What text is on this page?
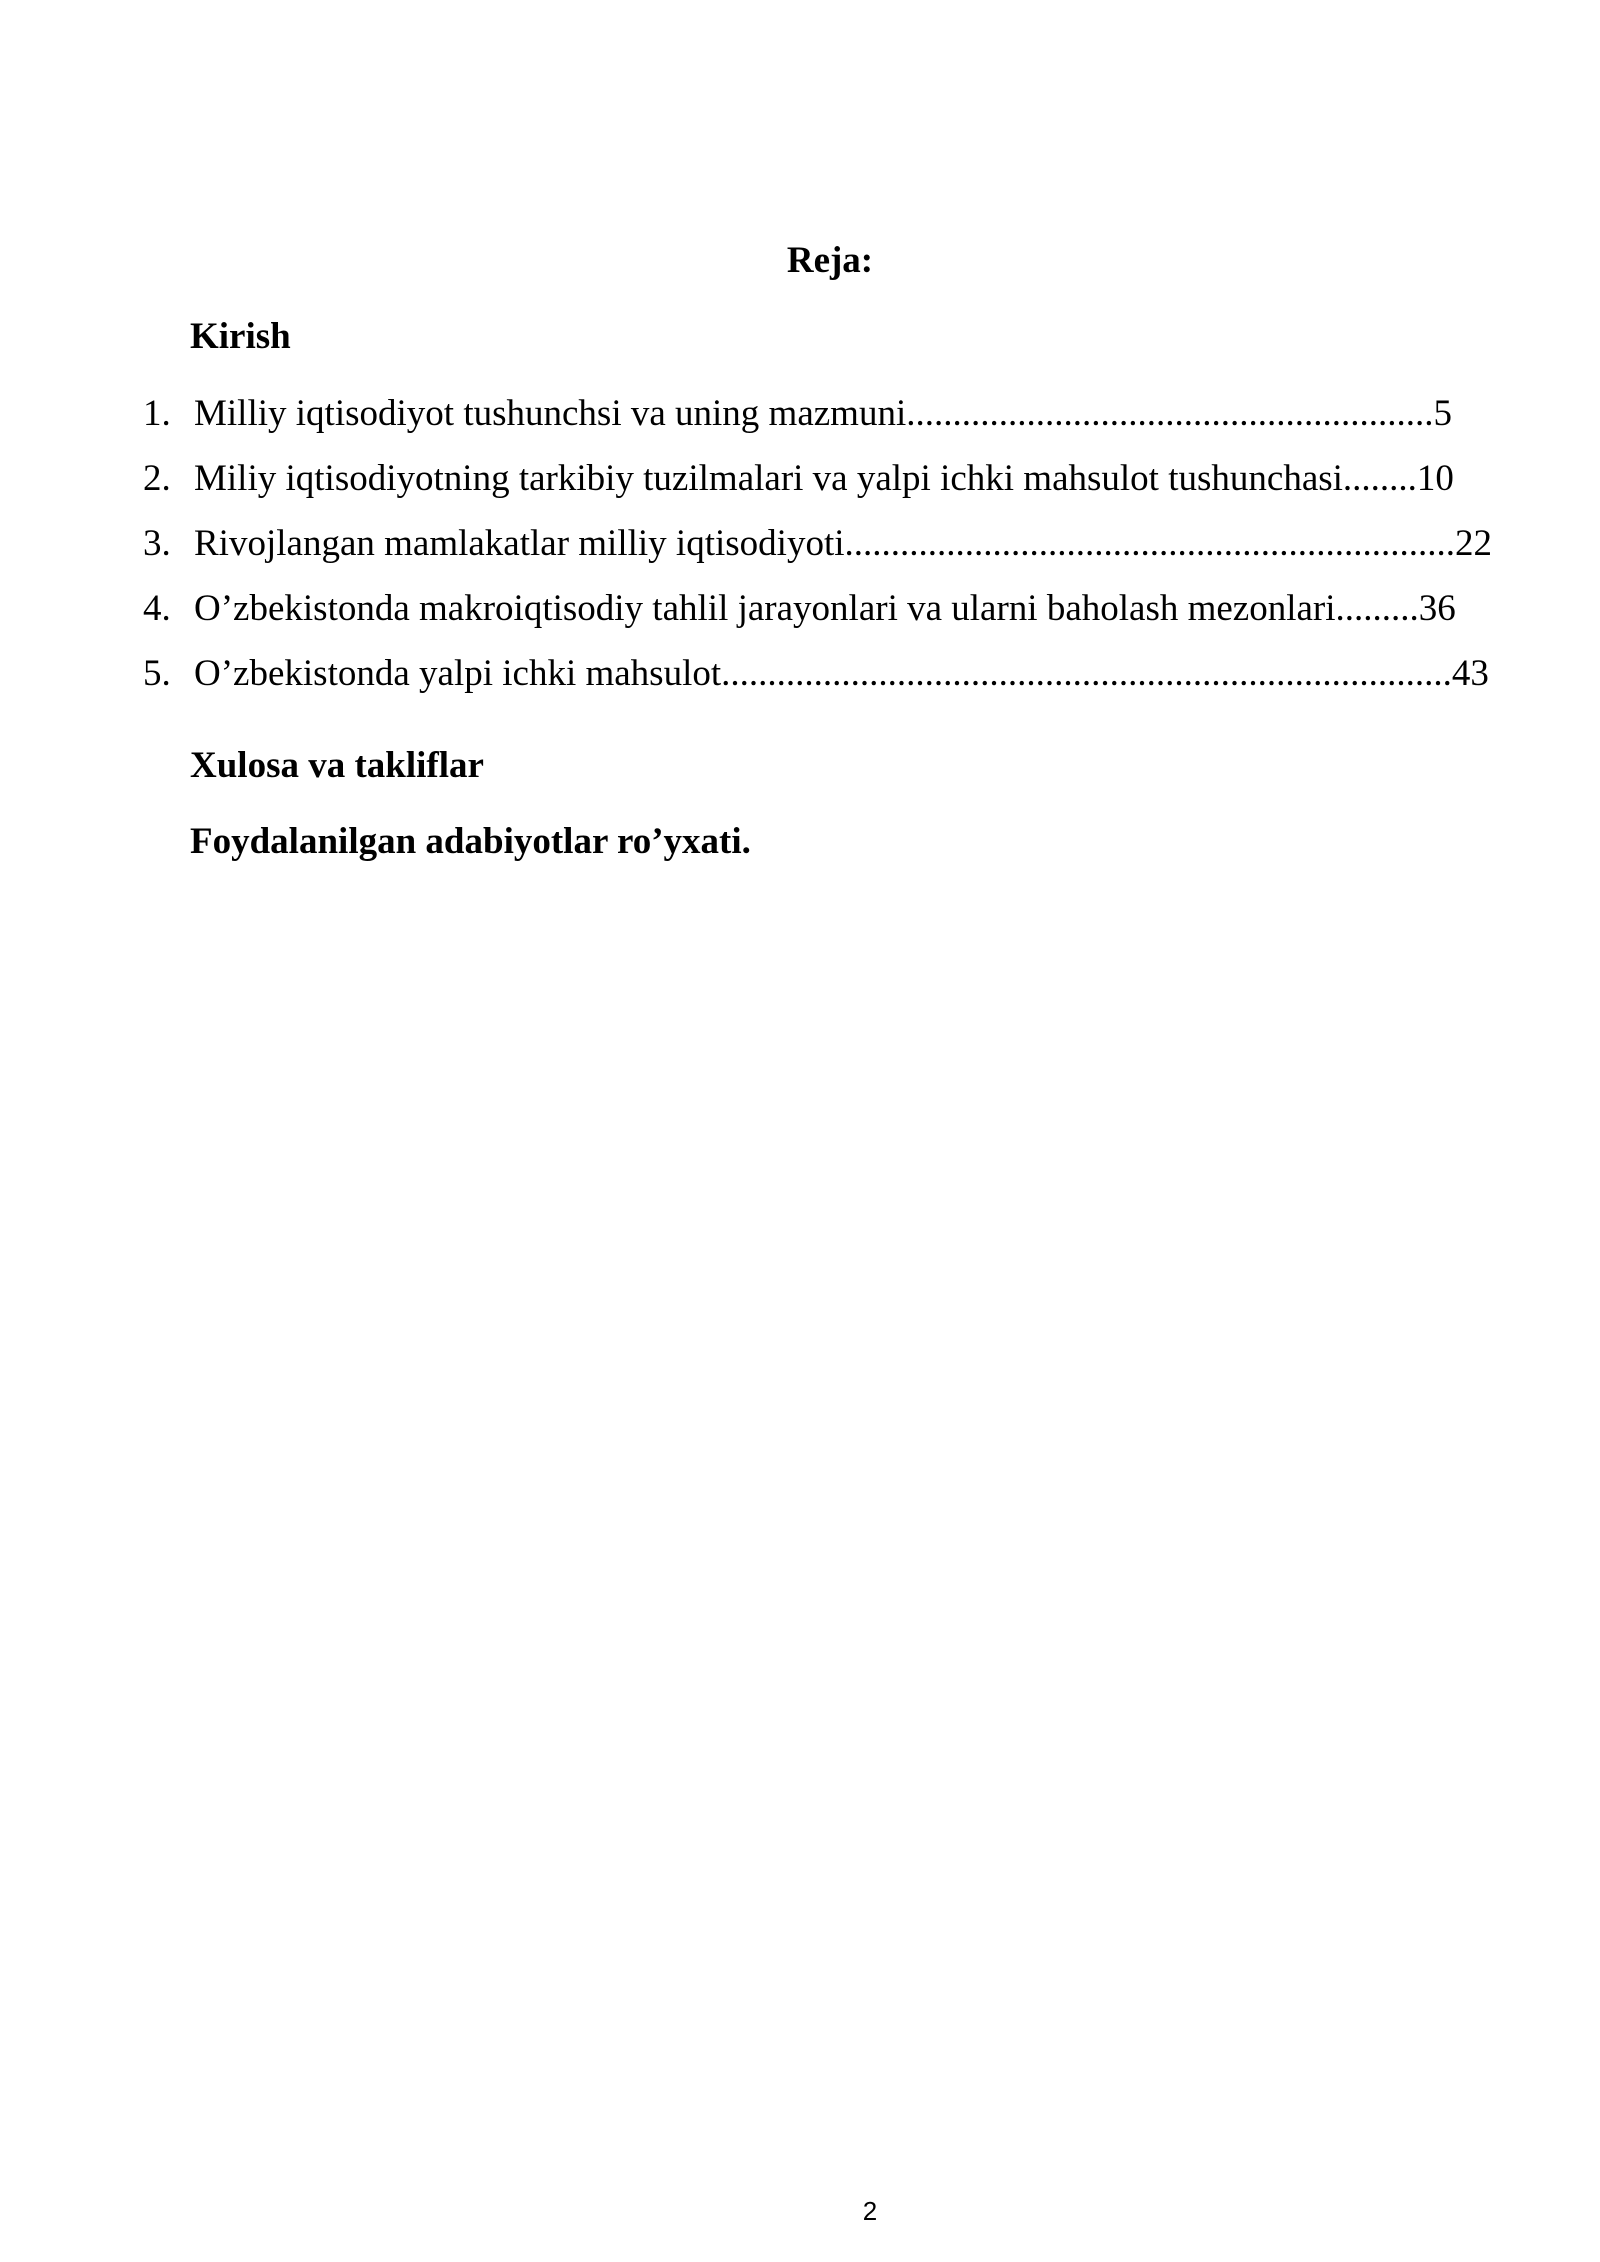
Reja:
Kirish
1. Milliy iqtisodiyot tushunchsi va uning mazmuni.........................................................5
2. Miliy iqtisodiyotning tarkibiy tuzilmalari va yalpi ichki mahsulot tushunchasi........10
3. Rivojlangan mamlakatlar milliy iqtisodiyoti..................................................................22
4. O’zbekistonda makroiqtisodiy tahlil jarayonlari va ularni baholash mezonlari.........36
5. O’zbekistonda yalpi ichki mahsulot...............................................................................43
Xulosa va takliflar
Foydalanilgan adabiyotlar ro’yxati.
2
